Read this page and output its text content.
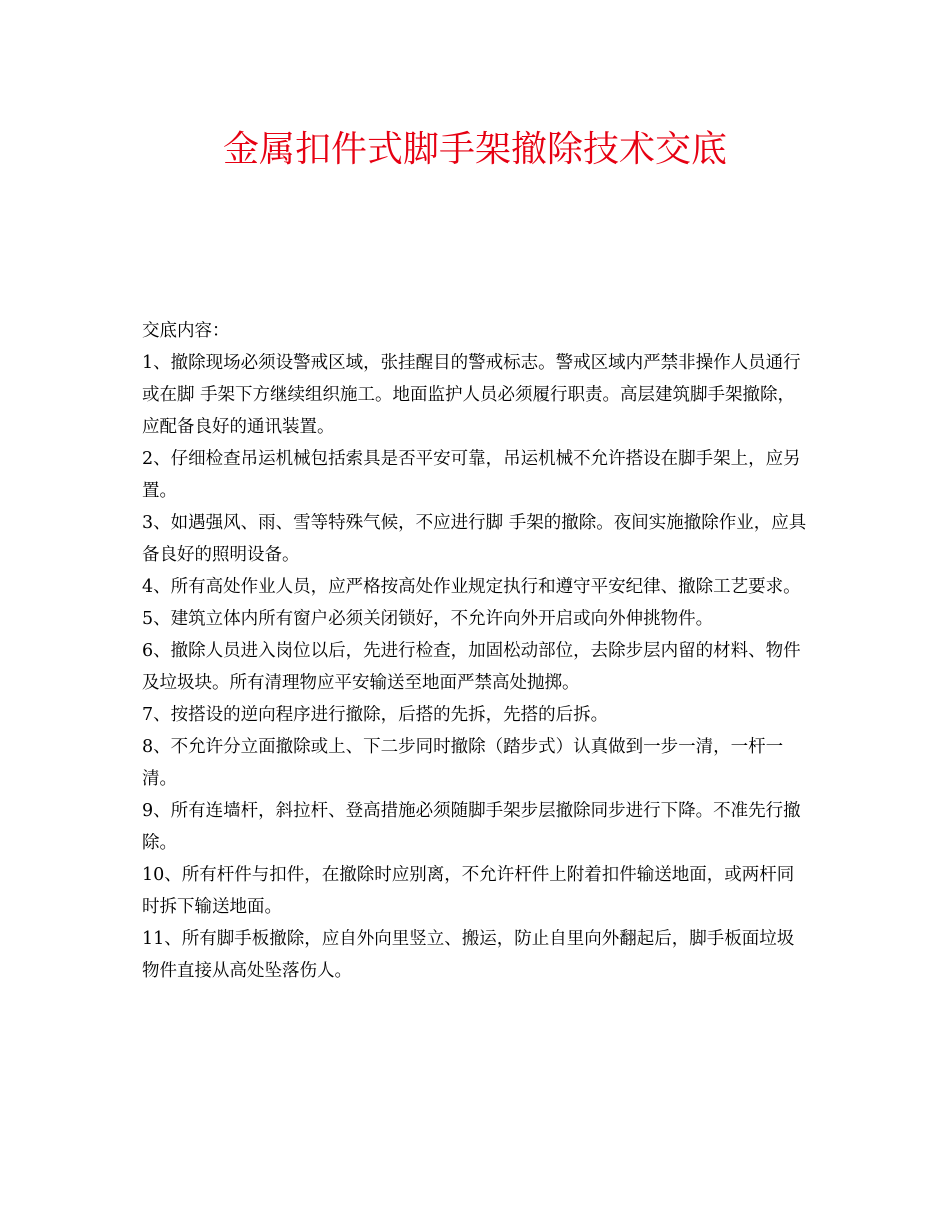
金属扣件式脚手架撤除技术交底

交底内容：

1、撤除现场必须设警戒区域，张挂醒目的警戒标志。警戒区域内严禁非操作人员通行或在脚 手架下方继续组织施工。地面监护人员必须履行职责。高层建筑脚手架撤除，应配备良好的通讯装置。

2、仔细检查吊运机械包括索具是否平安可靠，吊运机械不允许搭设在脚手架上，应另置。

3、如遇强风、雨、雪等特殊气候，不应进行脚 手架的撤除。夜间实施撤除作业，应具备良好的照明设备。

4、所有高处作业人员，应严格按高处作业规定执行和遵守平安纪律、撤除工艺要求。

5、建筑立体内所有窗户必须关闭锁好，不允许向外开启或向外伸挑物件。

6、撤除人员进入岗位以后，先进行检查，加固松动部位，去除步层内留的材料、物件及垃圾块。所有清理物应平安输送至地面严禁高处抛掷。

7、按搭设的逆向程序进行撤除，后搭的先拆，先搭的后拆。

8、不允许分立面撤除或上、下二步同时撤除（踏步式）认真做到一步一清，一杆一清。

9、所有连墙杆，斜拉杆、登高措施必须随脚手架步层撤除同步进行下降。不准先行撤除。

10、所有杆件与扣件，在撤除时应别离，不允许杆件上附着扣件输送地面，或两杆同时拆下输送地面。

11、所有脚手板撤除，应自外向里竖立、搬运，防止自里向外翻起后，脚手板面垃圾物件直接从高处坠落伤人。
